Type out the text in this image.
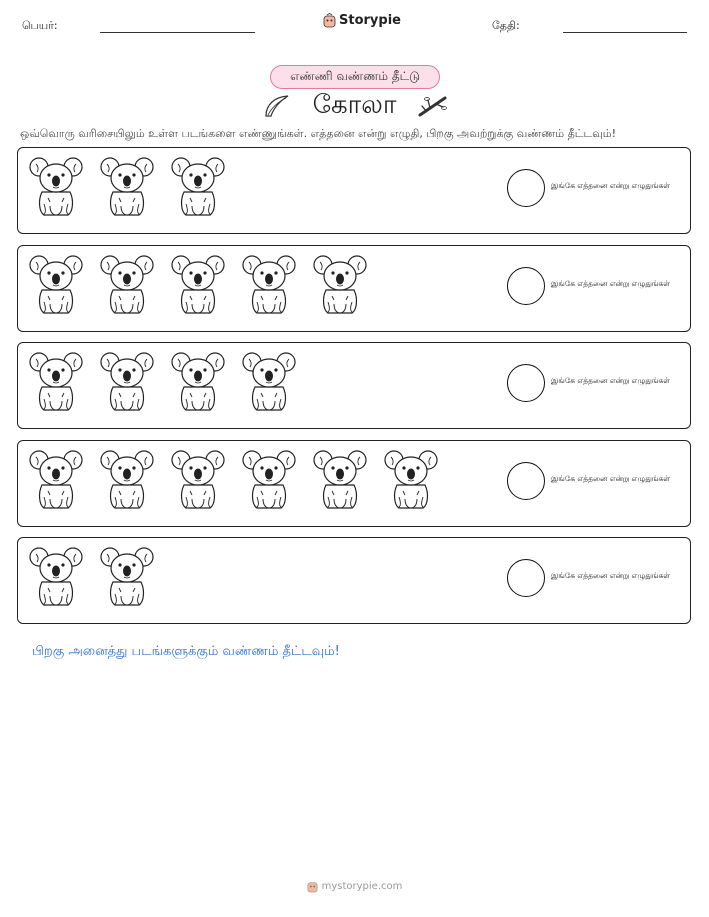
பெயர்:	Storypie	தேதி:
எண்ணி வண்ணம் தீட்டு
கோலா
ஒவ்வொரு வரிசையிலும் உள்ள படங்களை எண்ணுங்கள். எத்தனை என்று எழுதி, பிறகு அவற்றுக்கு வண்ணம் தீட்டவும்!
இங்கே எத்தனை என்று எழுதுங்கள்
இங்கே எத்தனை என்று எழுதுங்கள்
இங்கே எத்தனை என்று எழுதுங்கள்
இங்கே எத்தனை என்று எழுதுங்கள்
இங்கே எத்தனை என்று எழுதுங்கள்
பிறகு அனைத்து படங்களுக்கும் வண்ணம் தீட்டவும்!
mystorypie.com
